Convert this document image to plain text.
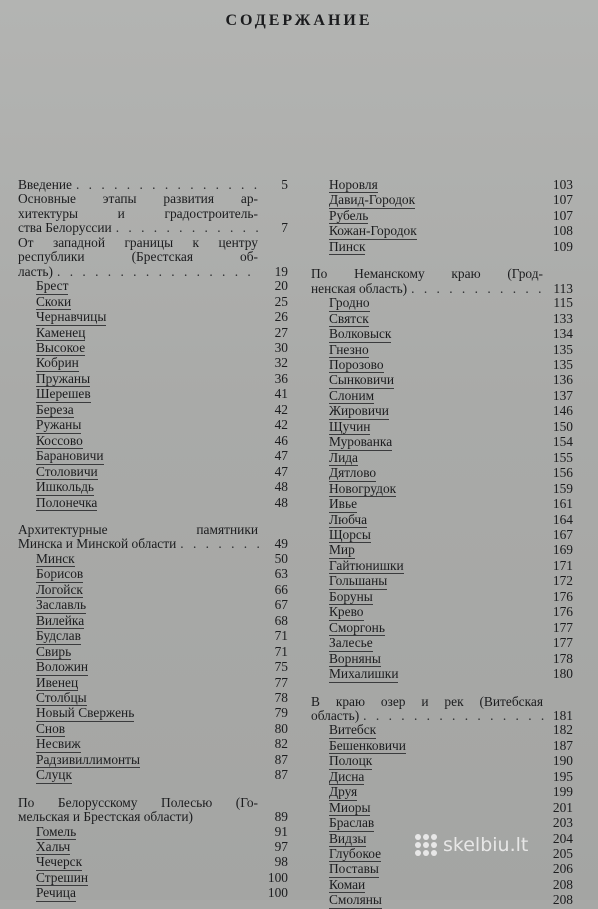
СОДЕРЖАНИЕ
Введение . . .	5
Основные этапы развития ар-
хитектуры и градостроитель-
ства Белоруссии . . .	7
От западной границы к центру
республики (Брестская об-
ласть) . . .	19
Брест	20
Скоки	25
Чернавчицы	26
Каменец	27
Высокое	30
Кобрин	32
Пружаны	36
Шерешев	41
Береза	42
Ружаны	42
Коссово	46
Барановичи	47
Столовичи	47
Ишкольдь	48
Полонечка	48
Архитектурные памятники
Минска и Минской области . . .	49
Минск	50
Борисов	63
Логойск	66
Заславль	67
Вилейка	68
Будслав	71
Свирь	71
Воложин	75
Ивенец	77
Столбцы	78
Новый Свержень	79
Снов	80
Несвиж	82
Радзивиллимонты	87
Слуцк	87
По Белорусскому Полесью (Го-
мельская и Брестская области)	89
Гомель	91
Хальч	97
Чечерск	98
Стрешин	100
Речица	100
Норовля	103
Давид-Городок	107
Рубель	107
Кожан-Городок	108
Пинск	109
По Неманскому краю (Грод-
ненская область) . . .	113
Гродно	115
Святск	133
Волковыск	134
Гнезно	135
Порозово	135
Сынковичи	136
Слоним	137
Жировичи	146
Щучин	150
Мурованка	154
Лида	155
Дятлово	156
Новогрудок	159
Ивье	161
Любча	164
Щорсы	167
Мир	169
Гайтюнишки	171
Гольшаны	172
Боруны	176
Крево	176
Сморгонь	177
Залесье	177
Ворняны	178
Михалишки	180
В краю озер и рек (Витебская
область) . . .	181
Витебск	182
Бешенковичи	187
Полоцк	190
Дисна	195
Друя	199
Миоры	201
Браслав	203
Видзы	204
Глубокое	205
Поставы	206
Комаи	208
Смоляны	208
skelbiu.lt
